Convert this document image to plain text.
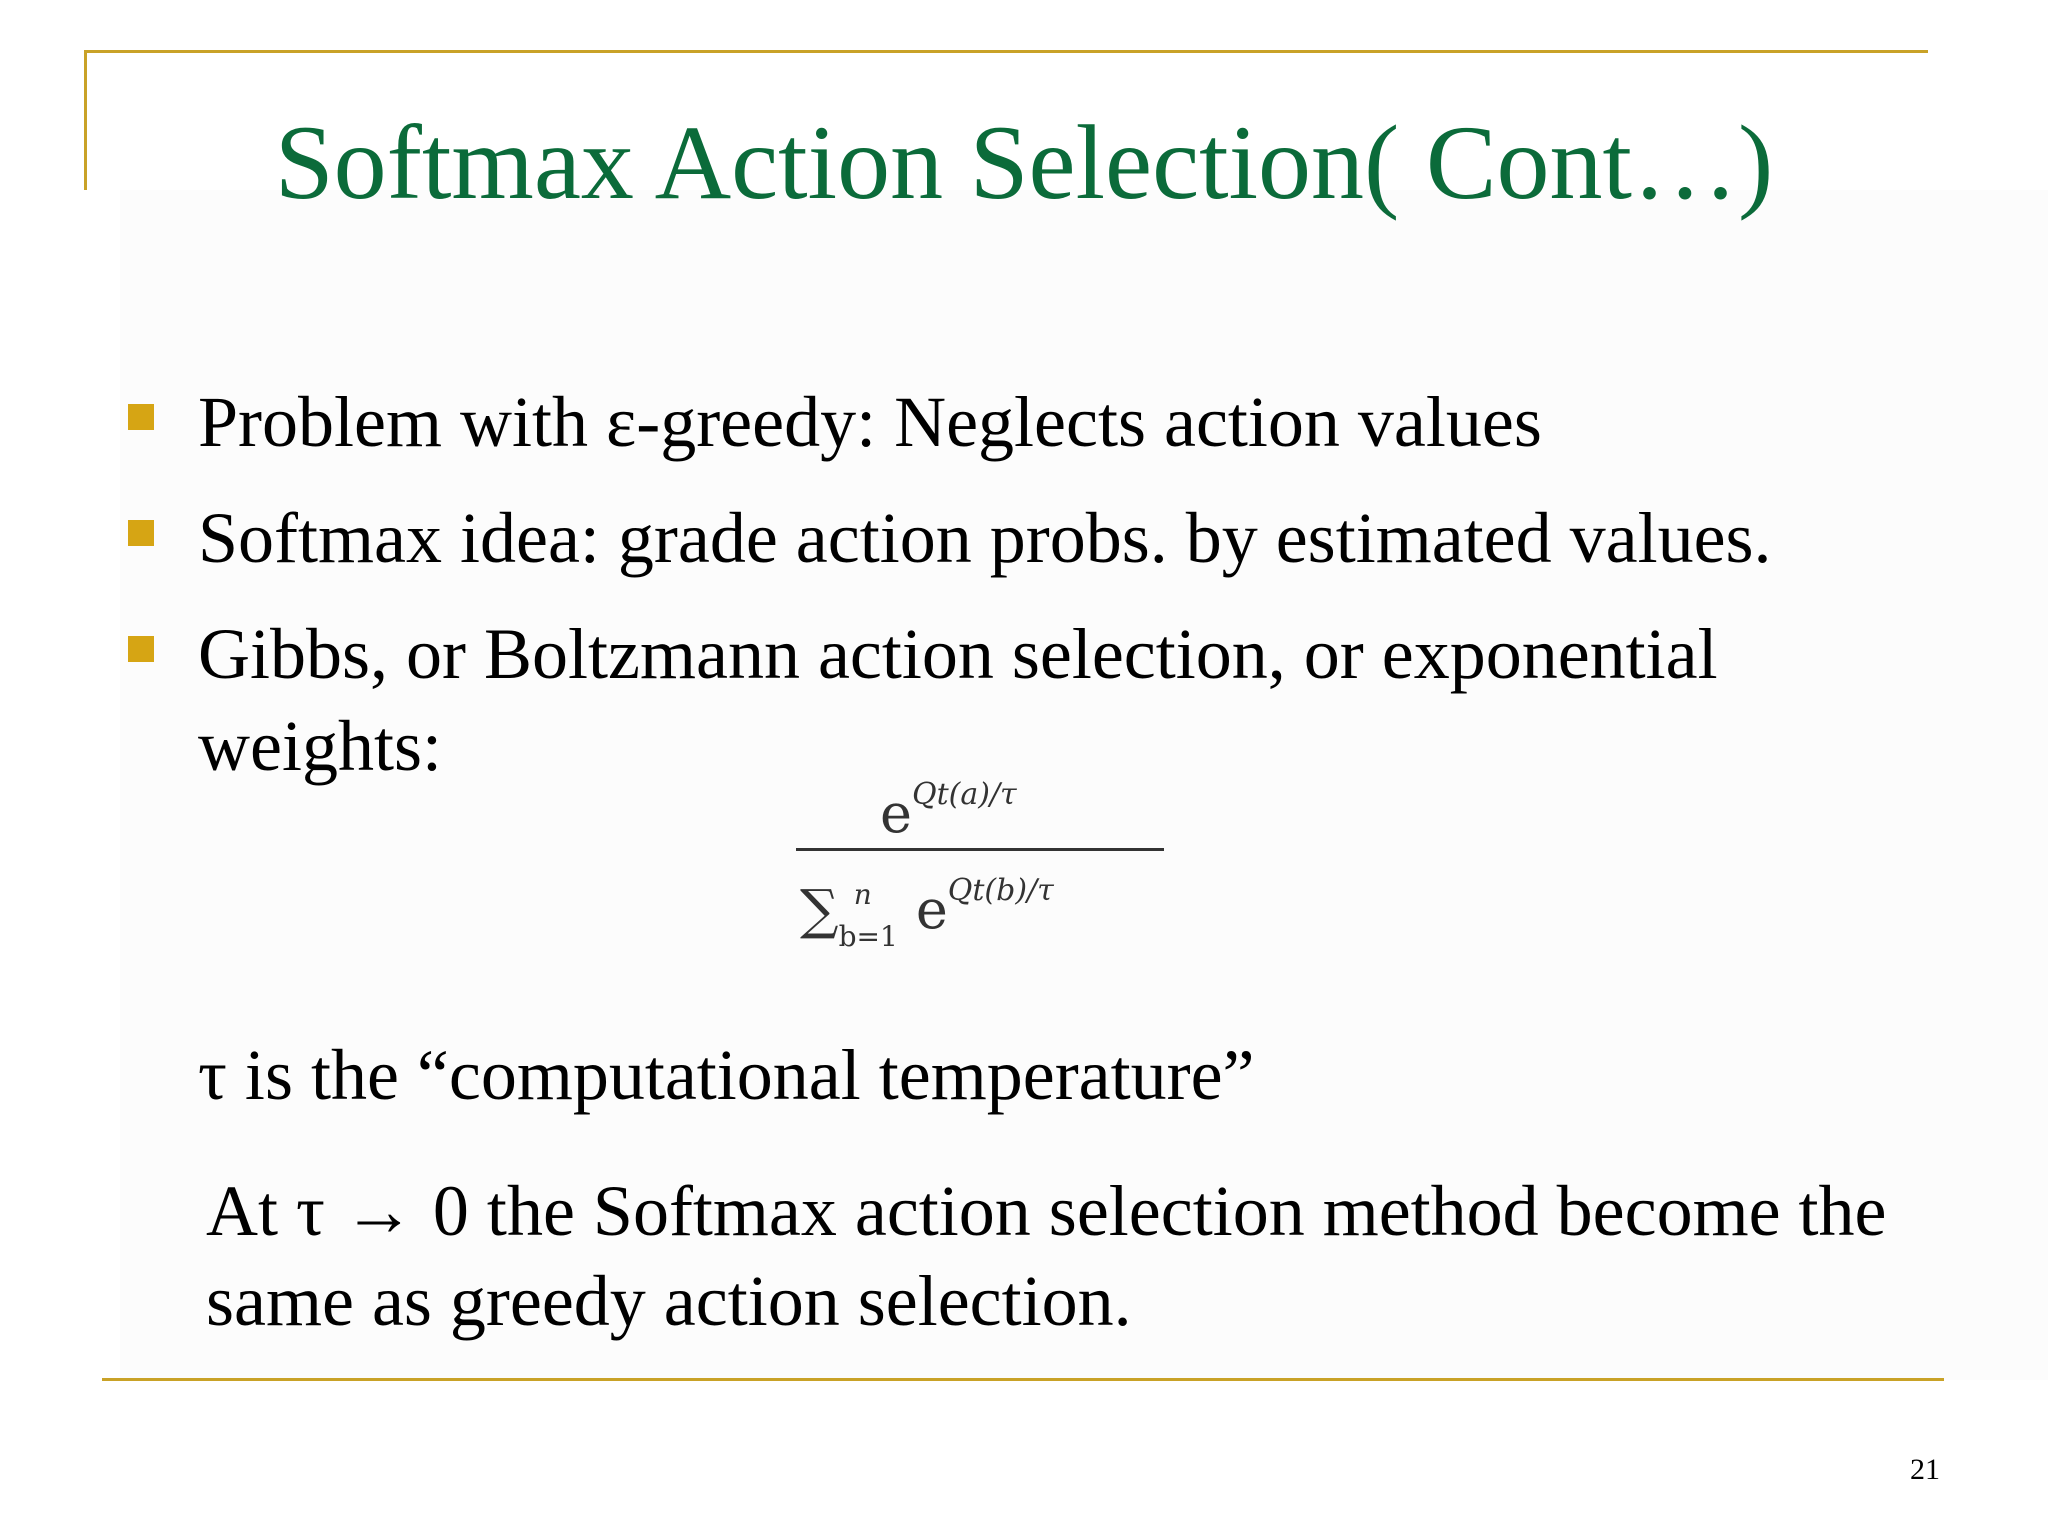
Softmax Action Selection( Cont…)
Problem with ε-greedy: Neglects action values
Softmax idea: grade action probs. by estimated values.
Gibbs, or Boltzmann action selection, or exponential weights:
$e^{Qt(a)/\tau}$
$\sum_{b=1}^n$ $e^{Qt(b)/\tau}$
τ is the “computational temperature”
At τ → 0 the Softmax action selection method become the same as greedy action selection.
21
